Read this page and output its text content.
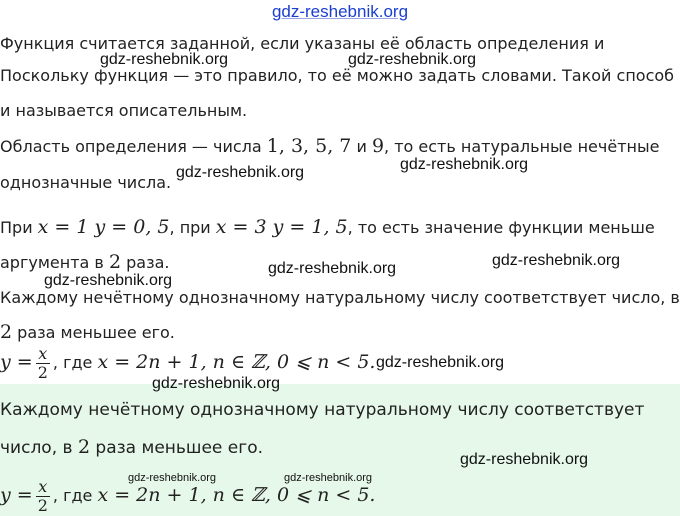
gdz-reshebnik.org
Функция считается заданной, если указаны её область определения и
Поскольку функция — это правило, то её можно задать словами. Такой способ
и называется описательным.
Область определения — числа 1, 3, 5, 7 и 9, то есть натуральные нечётные
однозначные числа.
При x = 1 y = 0, 5, при x = 3 y = 1, 5, то есть значение функции меньше
аргумента в 2 раза.
Каждому нечётному однозначному натуральному числу соответствует число, в
2 раза меньшее его.
$y = \frac{x}{2}$ , где x = 2n + 1, n ∈ ℤ, 0 ⩽ n < 5.
Каждому нечётному однозначному натуральному числу соответствует
число, в 2 раза меньшее его.
$y = \frac{x}{2}$ , где x = 2n + 1, n ∈ ℤ, 0 ⩽ n < 5.
gdz-reshebnik.org	gdz-reshebnik.org
gdz-reshebnik.org
gdz-reshebnik.org
gdz-reshebnik.org
gdz-reshebnik.org
gdz-reshebnik.org
gdz-reshebnik.org
gdz-reshebnik.org
gdz-reshebnik.org
gdz-reshebnik.org	gdz-reshebnik.org
